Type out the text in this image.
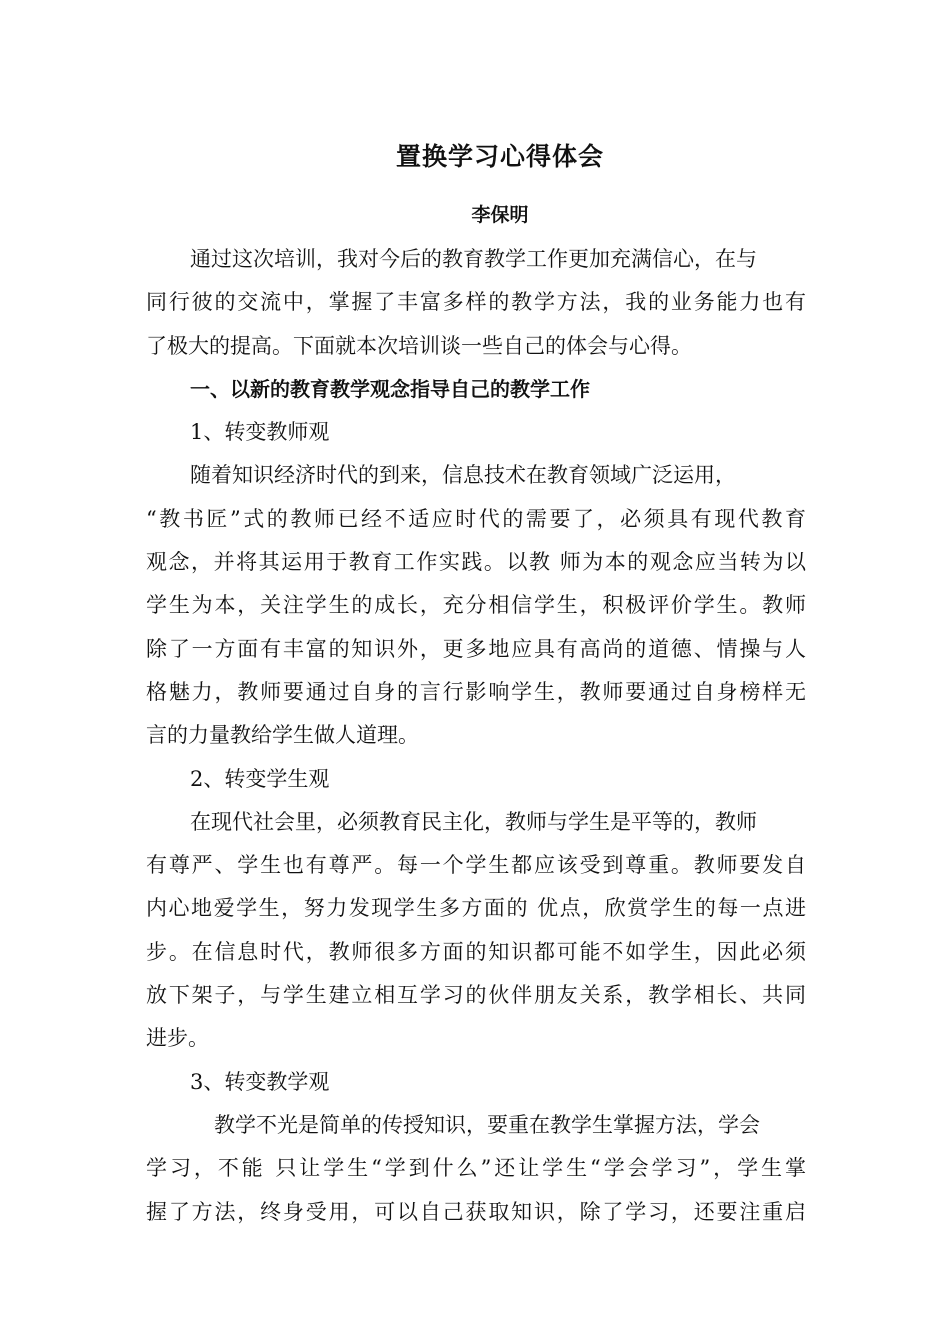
置换学习心得体会
李保明
通过这次培训，我对今后的教育教学工作更加充满信心，在与
同行彼的交流中，掌握了丰富多样的教学方法，我的业务能力也有
了极大的提高。下面就本次培训谈一些自己的体会与心得。
一、以新的教育教学观念指导自己的教学工作
1、转变教师观
随着知识经济时代的到来，信息技术在教育领域广泛运用，
“教书匠”式的教师已经不适应时代的需要了，必须具有现代教育
观念，并将其运用于教育工作实践。以教 师为本的观念应当转为以
学生为本，关注学生的成长，充分相信学生，积极评价学生。教师
除了一方面有丰富的知识外，更多地应具有高尚的道德、情操与人
格魅力，教师要通过自身的言行影响学生，教师要通过自身榜样无
言的力量教给学生做人道理。
2、转变学生观
在现代社会里，必须教育民主化，教师与学生是平等的，教师
有尊严、学生也有尊严。每一个学生都应该受到尊重。教师要发自
内心地爱学生，努力发现学生多方面的 优点，欣赏学生的每一点进
步。在信息时代，教师很多方面的知识都可能不如学生，因此必须
放下架子，与学生建立相互学习的伙伴朋友关系，教学相长、共同
进步。
3、转变教学观
教学不光是简单的传授知识，要重在教学生掌握方法，学会
学习，不能 只让学生“学到什么”还让学生“学会学习”，学生掌
握了方法，终身受用，可以自己获取知识，除了学习，还要注重启
